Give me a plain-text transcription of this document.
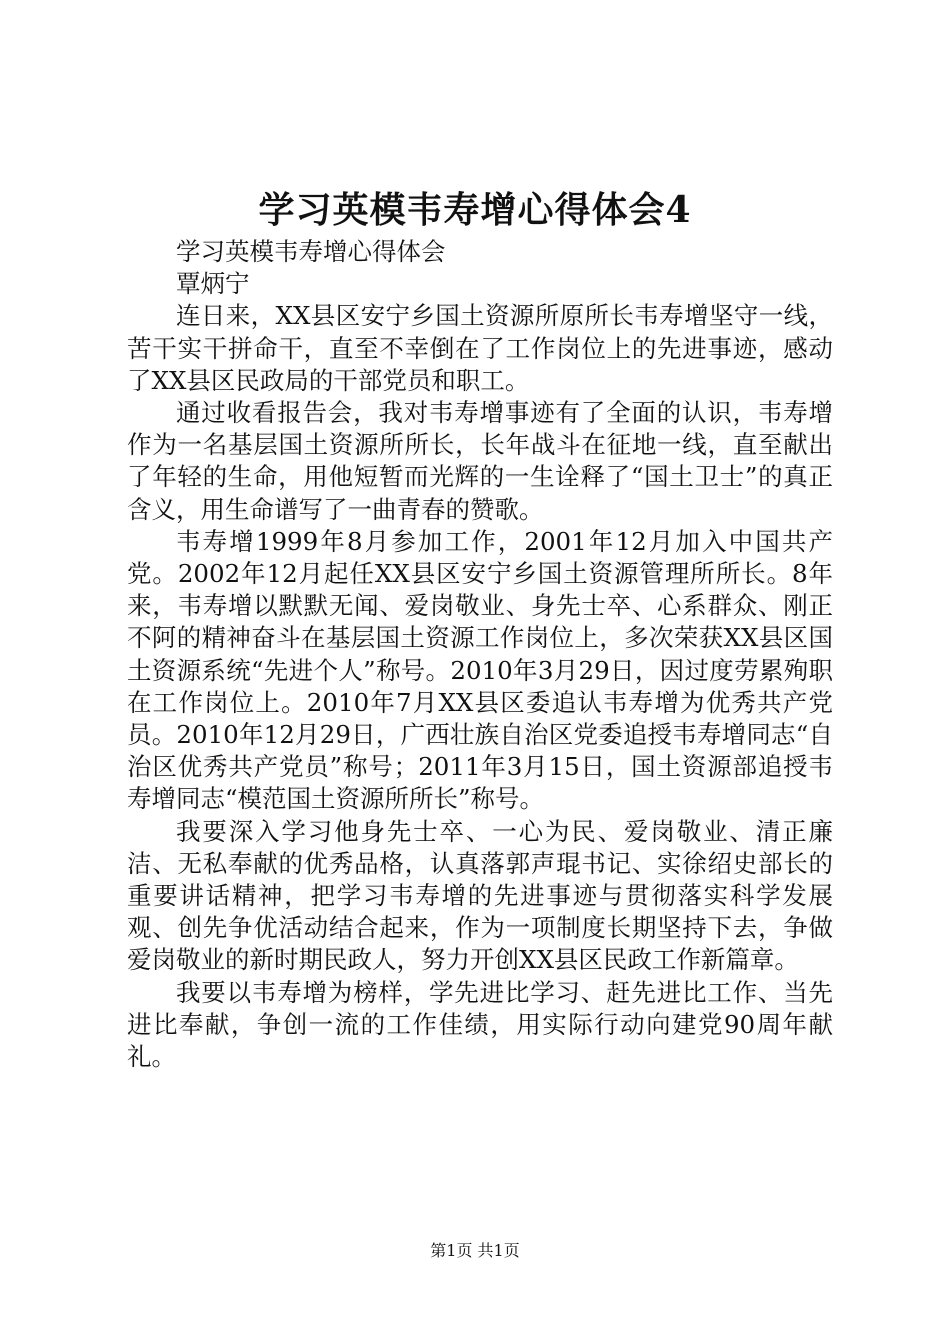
学习英模韦寿增心得体会4

学习英模韦寿增心得体会

覃炳宁

连日来，XX县区安宁乡国土资源所原所长韦寿增坚守一线，苦干实干拼命干，直至不幸倒在了工作岗位上的先进事迹，感动了XX县区民政局的干部党员和职工。

通过收看报告会，我对韦寿增事迹有了全面的认识，韦寿增作为一名基层国土资源所所长，长年战斗在征地一线，直至献出了年轻的生命，用他短暂而光辉的一生诠释了“国土卫士”的真正含义，用生命谱写了一曲青春的赞歌。

韦寿增1999年8月参加工作，2001年12月加入中国共产党。2002年12月起任XX县区安宁乡国土资源管理所所长。8年来，韦寿增以默默无闻、爱岗敬业、身先士卒、心系群众、刚正不阿的精神奋斗在基层国土资源工作岗位上，多次荣获XX县区国土资源系统“先进个人”称号。2010年3月29日，因过度劳累殉职在工作岗位上。2010年7月XX县区委追认韦寿增为优秀共产党员。2010年12月29日，广西壮族自治区党委追授韦寿增同志“自治区优秀共产党员”称号；2011年3月15日，国土资源部追授韦寿增同志“模范国土资源所所长”称号。

我要深入学习他身先士卒、一心为民、爱岗敬业、清正廉洁、无私奉献的优秀品格，认真落郭声琨书记、实徐绍史部长的重要讲话精神，把学习韦寿增的先进事迹与贯彻落实科学发展观、创先争优活动结合起来，作为一项制度长期坚持下去，争做爱岗敬业的新时期民政人，努力开创XX县区民政工作新篇章。

我要以韦寿增为榜样，学先进比学习、赶先进比工作、当先进比奉献，争创一流的工作佳绩，用实际行动向建党90周年献礼。

第1页 共1页
